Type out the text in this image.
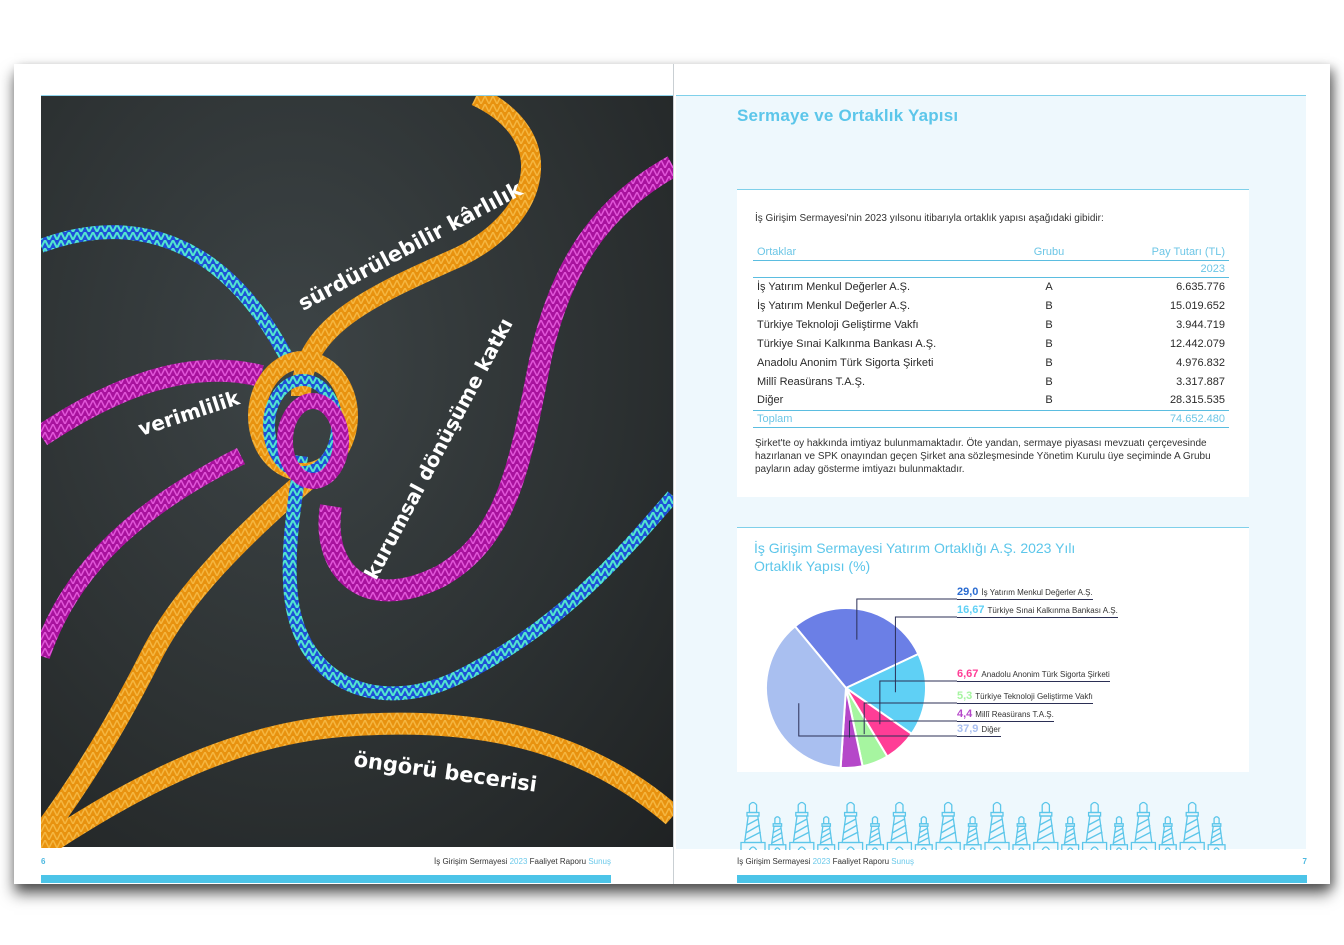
sürdürülebilir kârlılık
verimlilik	kurumsal dönüşüme katkı
öngörü becerisi
6	İş Girişim Sermayesi 2023 Faaliyet Raporu Sunuş
Sermaye ve Ortaklık Yapısı
İş Girişim Sermayesi'nin 2023 yılsonu itibarıyla ortaklık yapısı aşağıdaki gibidir:
Ortaklar	Grubu	Pay Tutarı (TL)
		2023
İş Yatırım Menkul Değerler A.Ş.	A	6.635.776
İş Yatırım Menkul Değerler A.Ş.	B	15.019.652
Türkiye Teknoloji Geliştirme Vakfı	B	3.944.719
Türkiye Sınai Kalkınma Bankası A.Ş.	B	12.442.079
Anadolu Anonim Türk Sigorta Şirketi	B	4.976.832
Millî Reasürans T.A.Ş.	B	3.317.887
Diğer	B	28.315.535
Toplam		74.652.480
Şirket'te oy hakkında imtiyaz bulunmamaktadır. Öte yandan, sermaye piyasası mevzuatı çerçevesinde hazırlanan ve SPK onayından geçen Şirket ana sözleşmesinde Yönetim Kurulu üye seçiminde A Grubu payların aday gösterme imtiyazı bulunmaktadır.
İş Girişim Sermayesi Yatırım Ortaklığı A.Ş. 2023 Yılı Ortaklık Yapısı (%)
29,0 İş Yatırım Menkul Değerler A.Ş.
16,67 Türkiye Sınai Kalkınma Bankası A.Ş.
6,67 Anadolu Anonim Türk Sigorta Şirketi
5,3 Türkiye Teknoloji Geliştirme Vakfı
4,4 Millî Reasürans T.A.Ş.
37,9 Diğer
İş Girişim Sermayesi 2023 Faaliyet Raporu Sunuş	7
